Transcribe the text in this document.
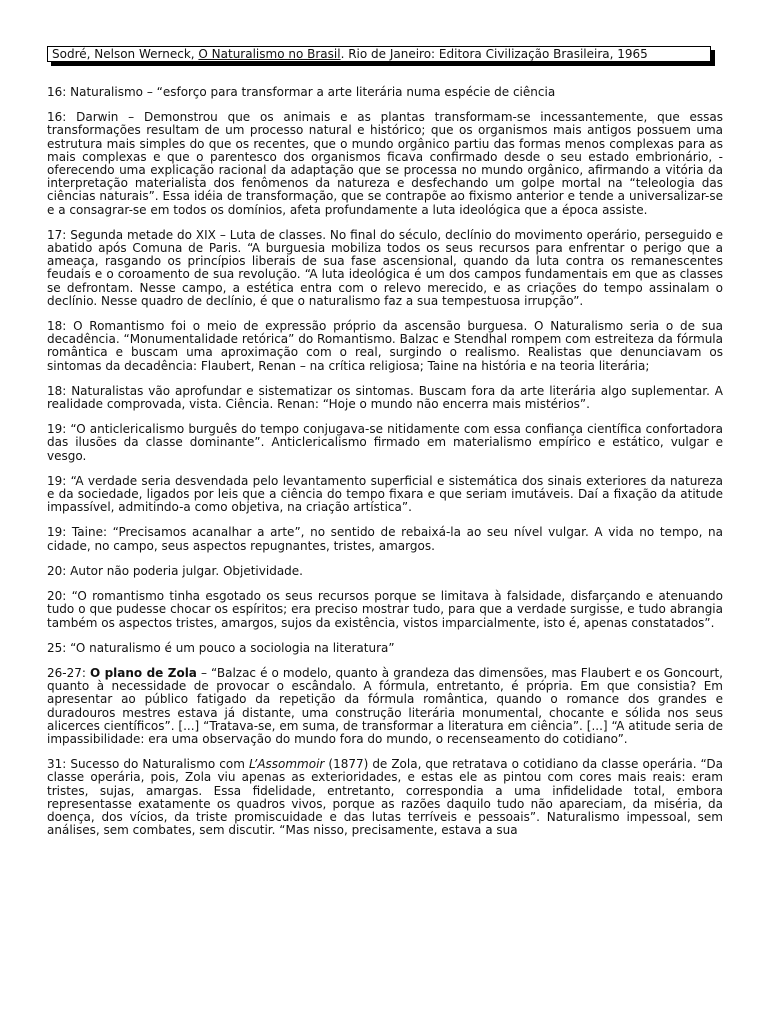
Sodré, Nelson Werneck, O Naturalismo no Brasil. Rio de Janeiro: Editora Civilização Brasileira, 1965

16: Naturalismo – “esforço para transformar a arte literária numa espécie de ciência

16: Darwin – Demonstrou que os animais e as plantas transformam-se incessantemente, que essas transformações resultam de um processo natural e histórico; que os organismos mais antigos possuem uma estrutura mais simples do que os recentes, que o mundo orgânico partiu das formas menos complexas para as mais complexas e que o parentesco dos organismos ficava confirmado desde o seu estado embrionário, - oferecendo uma explicação racional da adaptação que se processa no mundo orgânico, afirmando a vitória da interpretação materialista dos fenômenos da natureza e desfechando um golpe mortal na “teleologia das ciências naturais”. Essa idéia de transformação, que se contrapõe ao fixismo anterior e tende a universalizar-se e a consagrar-se em todos os domínios, afeta profundamente a luta ideológica que a época assiste.

17: Segunda metade do XIX – Luta de classes. No final do século, declínio do movimento operário, perseguido e abatido após Comuna de Paris. “A burguesia mobiliza todos os seus recursos para enfrentar o perigo que a ameaça, rasgando os princípios liberais de sua fase ascensional, quando da luta contra os remanescentes feudais e o coroamento de sua revolução. “A luta ideológica é um dos campos fundamentais em que as classes se defrontam. Nesse campo, a estética entra com o relevo merecido, e as criações do tempo assinalam o declínio. Nesse quadro de declínio, é que o naturalismo faz a sua tempestuosa irrupção”.

18: O Romantismo foi o meio de expressão próprio da ascensão burguesa. O Naturalismo seria o de sua decadência. “Monumentalidade retórica” do Romantismo. Balzac e Stendhal rompem com estreiteza da fórmula romântica e buscam uma aproximação com o real, surgindo o realismo. Realistas que denunciavam os sintomas da decadência: Flaubert, Renan – na crítica religiosa; Taine na história e na teoria literária;

18: Naturalistas vão aprofundar e sistematizar os sintomas. Buscam fora da arte literária algo suplementar. A realidade comprovada, vista. Ciência. Renan: “Hoje o mundo não encerra mais mistérios”.

19: “O anticlericalismo burguês do tempo conjugava-se nitidamente com essa confiança científica confortadora das ilusões da classe dominante”. Anticlericalismo firmado em materialismo empírico e estático, vulgar e vesgo.

19: “A verdade seria desvendada pelo levantamento superficial e sistemática dos sinais exteriores da natureza e da sociedade, ligados por leis que a ciência do tempo fixara e que seriam imutáveis. Daí a fixação da atitude impassível, admitindo-a como objetiva, na criação artística”.

19: Taine: “Precisamos acanalhar a arte”, no sentido de rebaixá-la ao seu nível vulgar. A vida no tempo, na cidade, no campo, seus aspectos repugnantes, tristes, amargos.

20: Autor não poderia julgar. Objetividade.

20: “O romantismo tinha esgotado os seus recursos porque se limitava à falsidade, disfarçando e atenuando tudo o que pudesse chocar os espíritos; era preciso mostrar tudo, para que a verdade surgisse, e tudo abrangia também os aspectos tristes, amargos, sujos da existência, vistos imparcialmente, isto é, apenas constatados”.

25: “O naturalismo é um pouco a sociologia na literatura”

26-27: O plano de Zola – “Balzac é o modelo, quanto à grandeza das dimensões, mas Flaubert e os Goncourt, quanto à necessidade de provocar o escândalo. A fórmula, entretanto, é própria. Em que consistia? Em apresentar ao público fatigado da repetição da fórmula romântica, quando o romance dos grandes e duradouros mestres estava já distante, uma construção literária monumental, chocante e sólida nos seus alicerces científicos”. [...] “Tratava-se, em suma, de transformar a literatura em ciência”. [...] “A atitude seria de impassibilidade: era uma observação do mundo fora do mundo, o recenseamento do cotidiano”.

31: Sucesso do Naturalismo com L’Assommoir (1877) de Zola, que retratava o cotidiano da classe operária. “Da classe operária, pois, Zola viu apenas as exterioridades, e estas ele as pintou com cores mais reais: eram tristes, sujas, amargas. Essa fidelidade, entretanto, correspondia a uma infidelidade total, embora representasse exatamente os quadros vivos, porque as razões daquilo tudo não apareciam, da miséria, da doença, dos vícios, da triste promiscuidade e das lutas terríveis e pessoais”. Naturalismo impessoal, sem análises, sem combates, sem discutir. “Mas nisso, precisamente, estava a sua
